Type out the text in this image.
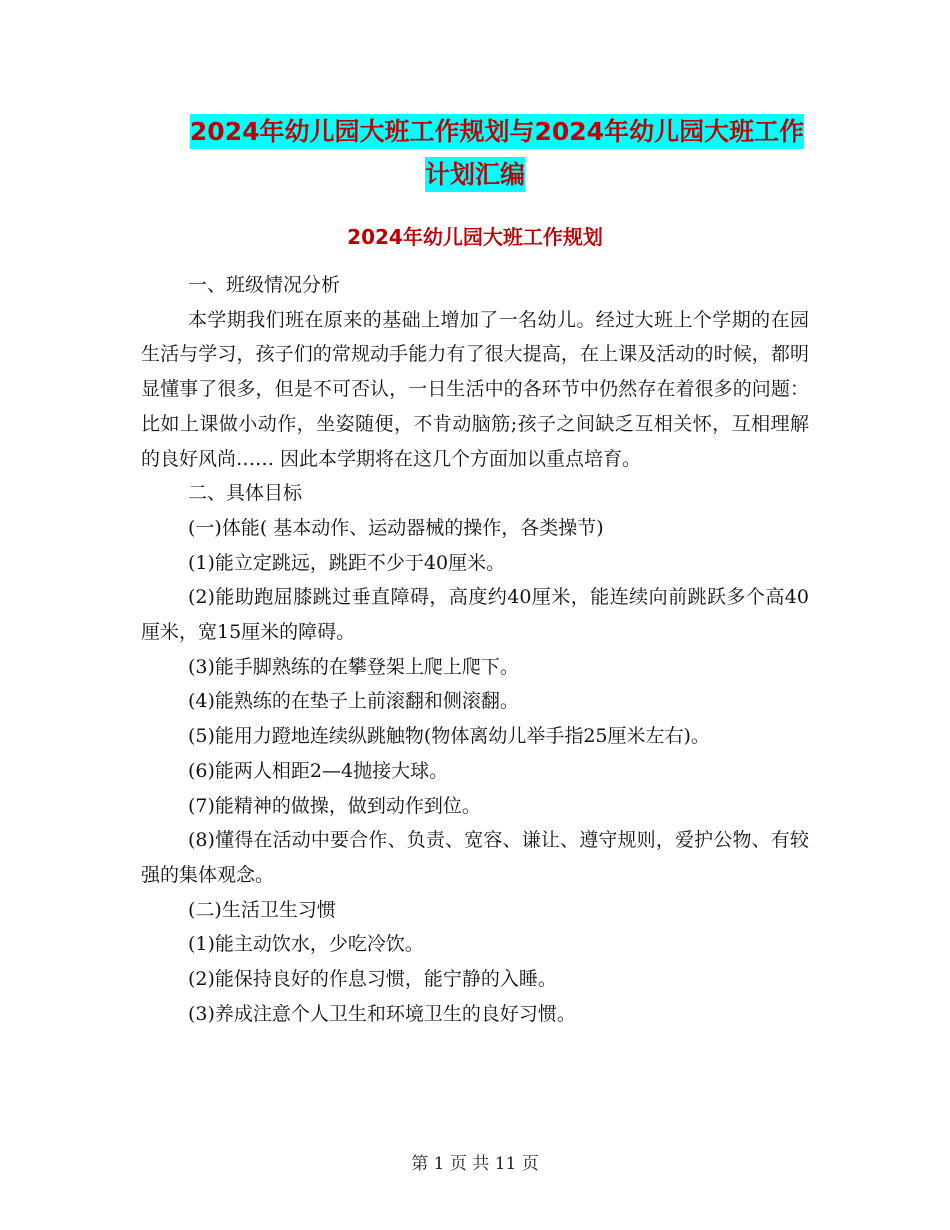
2024年幼儿园大班工作规划与2024年幼儿园大班工作
计划汇编
2024年幼儿园大班工作规划

一、班级情况分析

本学期我们班在原来的基础上增加了一名幼儿。经过大班上个学期的在园生活与学习，孩子们的常规动手能力有了很大提高，在上课及活动的时候，都明显懂事了很多，但是不可否认，一日生活中的各环节中仍然存在着很多的问题：比如上课做小动作，坐姿随便，不肯动脑筋;孩子之间缺乏互相关怀，互相理解的良好风尚…… 因此本学期将在这几个方面加以重点培育。

二、具体目标

(一)体能( 基本动作、运动器械的操作，各类操节)

(1)能立定跳远，跳距不少于40厘米。

(2)能助跑屈膝跳过垂直障碍，高度约40厘米，能连续向前跳跃多个高40厘米，宽15厘米的障碍。

(3)能手脚熟练的在攀登架上爬上爬下。

(4)能熟练的在垫子上前滚翻和侧滚翻。

(5)能用力蹬地连续纵跳触物(物体离幼儿举手指25厘米左右)。

(6)能两人相距2—4抛接大球。

(7)能精神的做操，做到动作到位。

(8)懂得在活动中要合作、负责、宽容、谦让、遵守规则，爱护公物、有较强的集体观念。

(二)生活卫生习惯

(1)能主动饮水，少吃冷饮。

(2)能保持良好的作息习惯，能宁静的入睡。

(3)养成注意个人卫生和环境卫生的良好习惯。

第 1 页 共 11 页
